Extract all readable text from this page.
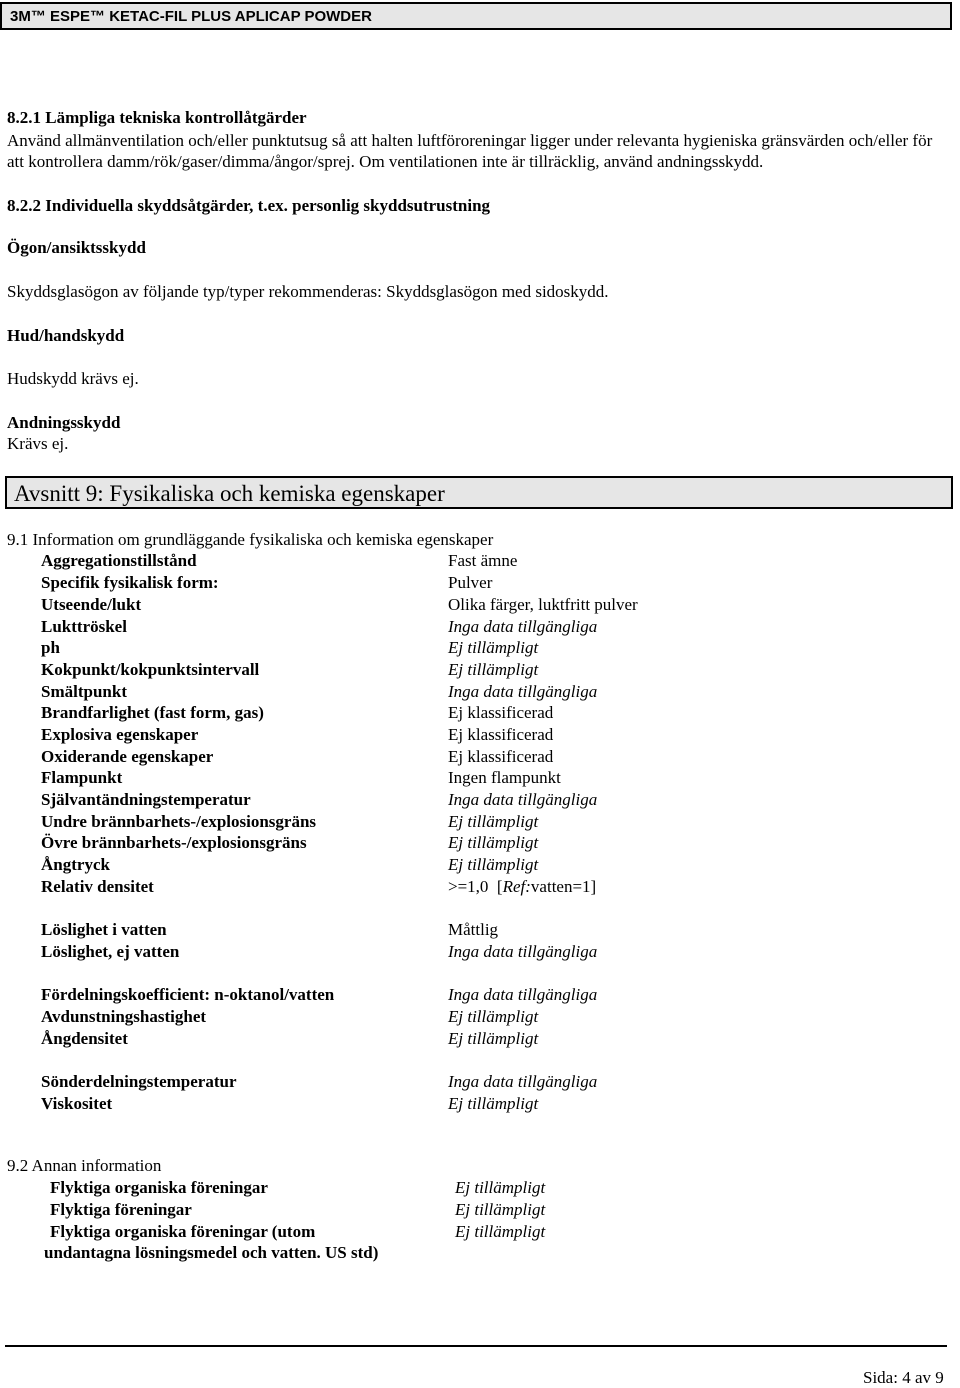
3M™ ESPE™ KETAC-FIL PLUS APLICAP POWDER
8.2.1 Lämpliga tekniska kontrollåtgärder
Använd allmänventilation och/eller punktutsug så att halten luftföroreningar ligger under relevanta hygieniska gränsvärden och/eller för att kontrollera damm/rök/gaser/dimma/ångor/sprej. Om ventilationen inte är tillräcklig, använd andningsskydd.
8.2.2 Individuella skyddsåtgärder, t.ex. personlig skyddsutrustning
Ögon/ansiktsskydd
Skyddsglasögon av följande typ/typer rekommenderas: Skyddsglasögon med sidoskydd.
Hud/handskydd
Hudskydd krävs ej.
Andningsskydd
Krävs ej.
Avsnitt 9: Fysikaliska och kemiska egenskaper
9.1 Information om grundläggande fysikaliska och kemiska egenskaper
Aggregationstillstånd	Fast ämne
Specifik fysikalisk form:	Pulver
Utseende/lukt	Olika färger, luktfritt pulver
Lukttröskel	Inga data tillgängliga
ph	Ej tillämpligt
Kokpunkt/kokpunktsintervall	Ej tillämpligt
Smältpunkt	Inga data tillgängliga
Brandfarlighet (fast form, gas)	Ej klassificerad
Explosiva egenskaper	Ej klassificerad
Oxiderande egenskaper	Ej klassificerad
Flampunkt	Ingen flampunkt
Självantändningstemperatur	Inga data tillgängliga
Undre brännbarhets-/explosionsgräns	Ej tillämpligt
Övre brännbarhets-/explosionsgräns	Ej tillämpligt
Ångtryck	Ej tillämpligt
Relativ densitet	>=1,0  [Ref:vatten=1]
Löslighet i vatten	Måttlig
Löslighet, ej vatten	Inga data tillgängliga
Fördelningskoefficient: n-oktanol/vatten	Inga data tillgängliga
Avdunstningshastighet	Ej tillämpligt
Ångdensitet	Ej tillämpligt
Sönderdelningstemperatur	Inga data tillgängliga
Viskositet	Ej tillämpligt
9.2 Annan information
Flyktiga organiska föreningar	Ej tillämpligt
Flyktiga föreningar	Ej tillämpligt
Flyktiga organiska föreningar (utom	Ej tillämpligt
undantagna lösningsmedel och vatten. US std)
Sida: 4 av 9
